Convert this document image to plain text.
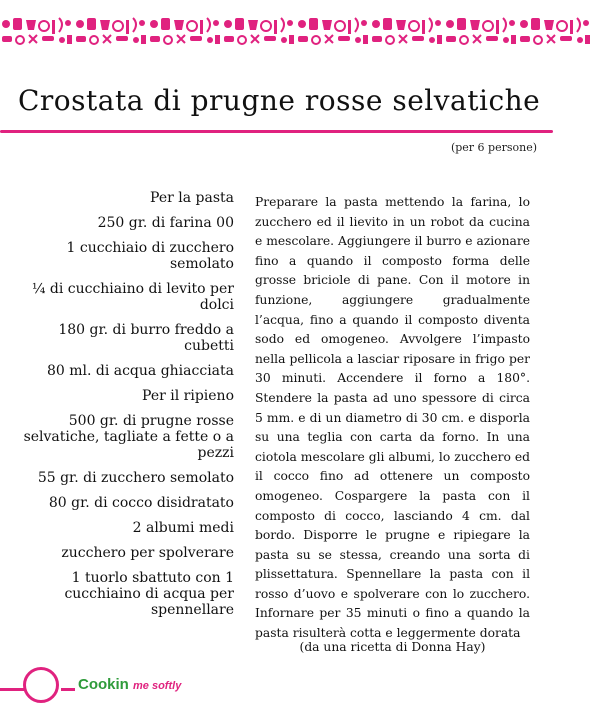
Crostata di prugne rosse selvatiche
(per 6 persone)
Per la pasta
250 gr. di farina 00
1 cucchiaio di zucchero semolato
¼ di cucchiaino di levito per dolci
180 gr. di burro freddo a cubetti
80 ml. di acqua ghiacciata
Per il ripieno
500 gr. di prugne rosse selvatiche, tagliate a fette o a pezzi
55 gr. di zucchero semolato
80 gr. di cocco disidratato
2 albumi medi
zucchero per spolverare
1 tuorlo sbattuto con 1 cucchiaino di acqua per spennellare
Preparare la pasta mettendo la farina, lo zucchero ed il lievito in un robot da cucina e mescolare. Aggiungere il burro e azionare fino a quando il composto forma delle grosse briciole di pane. Con il motore in funzione, aggiungere gradualmente l’acqua, fino a quando il composto diventa sodo ed omogeneo. Avvolgere l’impasto nella pellicola a lasciar riposare in frigo per 30 minuti. Accendere il forno a 180°. Stendere la pasta ad uno spessore di circa 5 mm. e di un diametro di 30 cm. e disporla su una teglia con carta da forno. In una ciotola mescolare gli albumi, lo zucchero ed il cocco fino ad ottenere un composto omogeneo. Cospargere la pasta con il composto di cocco, lasciando 4 cm. dal bordo. Disporre le prugne e ripiegare la pasta su se stessa, creando una sorta di plissettatura. Spennellare la pasta con il rosso d’uovo e spolverare con lo zucchero. Infornare per 35 minuti o fino a quando la pasta risulterà cotta e leggermente dorata
(da una ricetta di Donna Hay)
Cookin me softly
